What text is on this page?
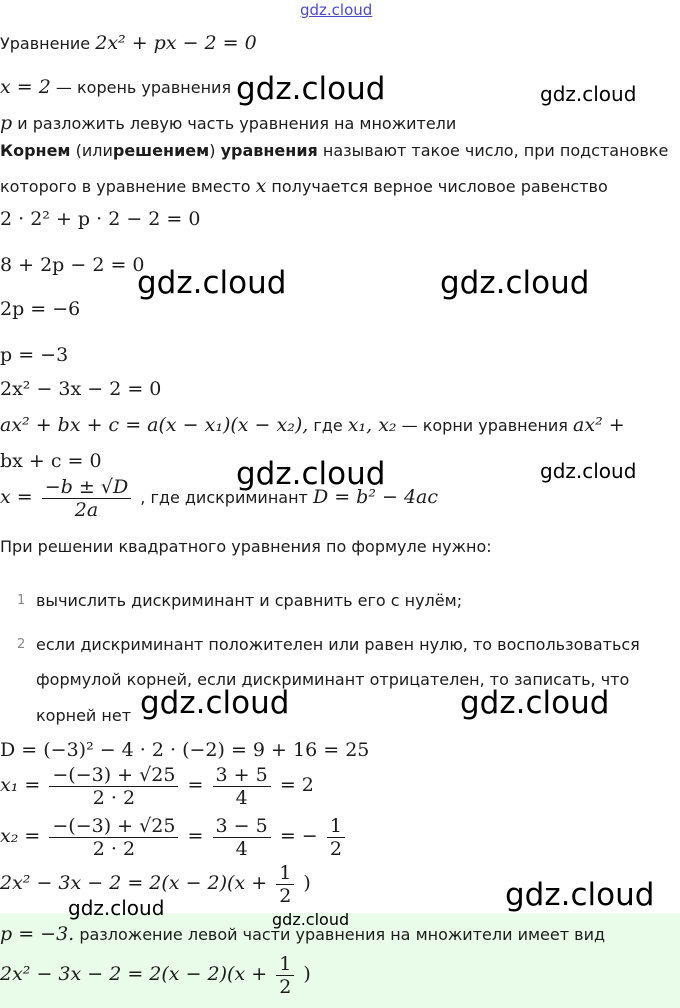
gdz.cloud
Уравнение 2x² + px − 2 = 0
x = 2 — корень уравнения
p и разложить левую часть уравнения на множители
Корнем (илирешением) уравнения называют такое число, при подстановке
которого в уравнение вместо x получается верное числовое равенство
2 · 2² + p · 2 − 2 = 0
8 + 2p − 2 = 0
2p = −6
p = −3
2x² − 3x − 2 = 0
ax² + bx + c = a(x − x₁)(x − x₂), где x₁, x₂ — корни уравнения ax² +
bx + c = 0
$x = \frac{-b \pm √D}{2a}$ , где дискриминант D = b² − 4ac
При решении квадратного уравнения по формуле нужно:
1 вычислить дискриминант и сравнить его с нулём;
2 если дискриминант положителен или равен нулю, то воспользоваться
формулой корней, если дискриминант отрицателен, то записать, что
корней нет
D = (−3)² − 4 · 2 · (−2) = 9 + 16 = 25
$x_1 = \frac{-(-3) + √25}{2 \cdot 2} = \frac{3 + 5}{4} = 2$
$x_2 = \frac{-(-3) + √25}{2 \cdot 2} = \frac{3 - 5}{4}$ = − $\frac{1}{2}$
$2x^2 - 3x - 2 = 2(x - 2)(x + \frac{1}{2}$ )
p = −3. разложение левой части уравнения на множители имеет вид
$2x^2 - 3x - 2 = 2(x - 2)(x + \frac{1}{2}$ )
gdz.cloud	gdz.cloud
gdz.cloud	gdz.cloud
gdz.cloud	gdz.cloud
gdz.cloud	gdz.cloud
gdz.cloud
gdz.cloud	gdz.cloud
